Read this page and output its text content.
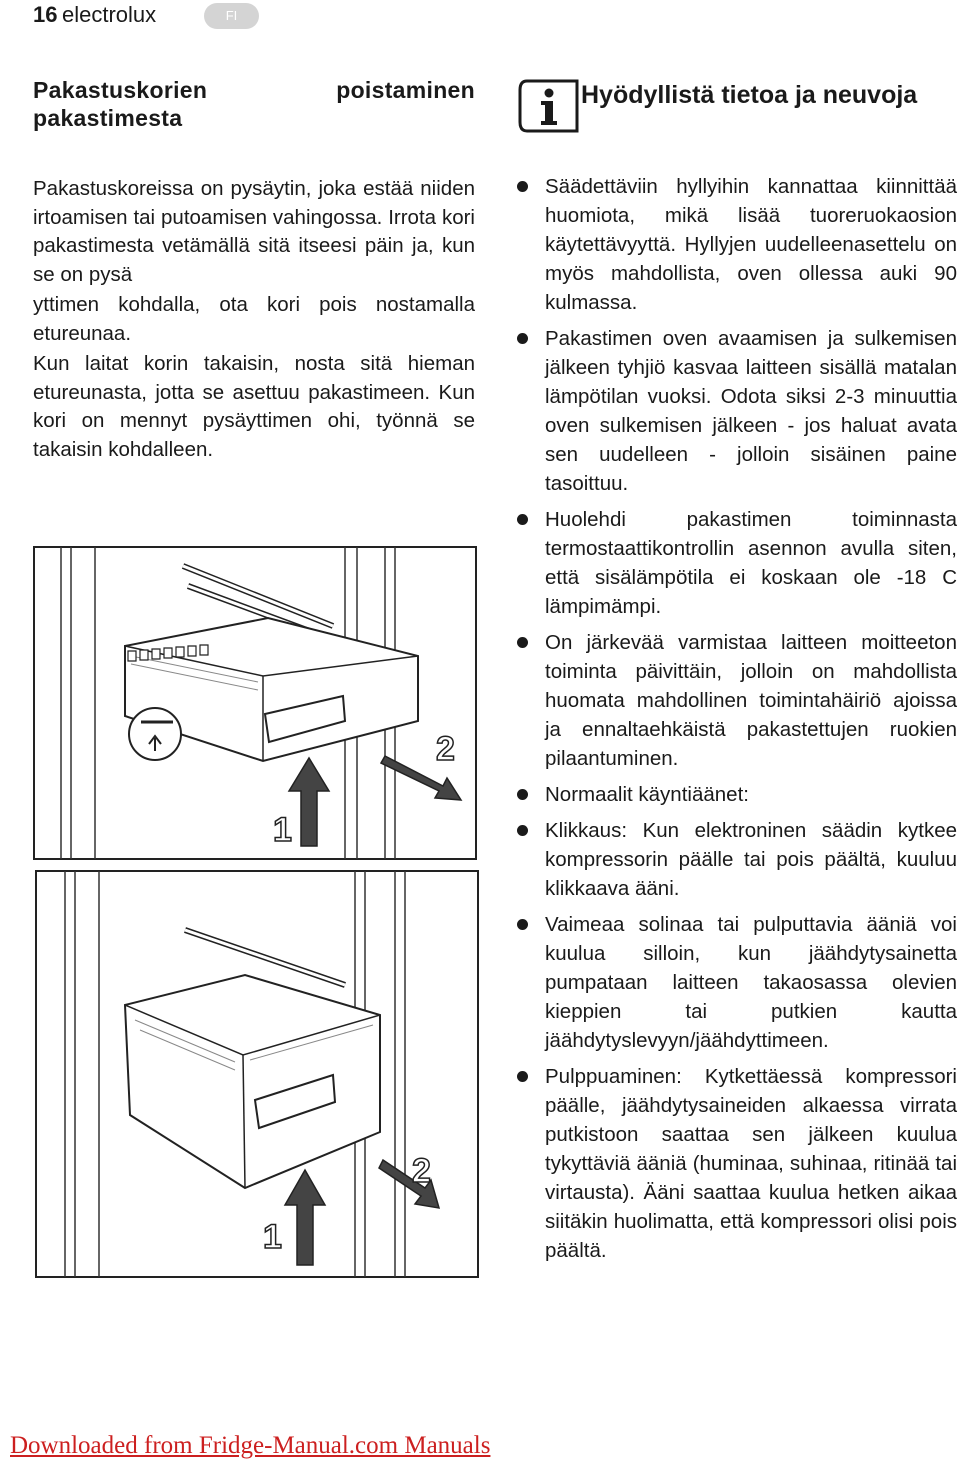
16 electrolux	FI
Pakastuskorien	poistaminen
pakastimesta

Pakastuskoreissa on pysäytin, joka estää niiden irtoamisen tai putoamisen vahingossa. Irrota kori pakastimesta vetämällä sitä itseesi päin ja, kun se on pysä

yttimen kohdalla, ota kori pois nostamalla etureunaa.

Kun laitat korin takaisin, nosta sitä hieman etureunasta, jotta se asettuu pakastimeen. Kun kori on mennyt pysäyttimen ohi, työnnä se takaisin kohdalleen.

1
2
1
2
Hyödyllistä tietoa ja neuvoja
Säädettäviin hyllyihin kannattaa kiinnittää huomiota, mikä lisää tuoreruokaosion käytettävyyttä. Hyllyjen uudelleenasettelu on myös mahdollista, oven ollessa auki 90 kulmassa.
Pakastimen oven avaamisen ja sulkemisen jälkeen tyhjiö kasvaa laitteen sisällä matalan lämpötilan vuoksi. Odota siksi 2-3 minuuttia oven sulkemisen jälkeen - jos haluat avata sen uudelleen - jolloin sisäinen paine tasoittuu.
Huolehdi pakastimen toiminnasta termostaattikontrollin asennon avulla siten, että sisälämpötila ei koskaan ole -18 C lämpimämpi.
On järkevää varmistaa laitteen moitteeton toiminta päivittäin, jolloin on mahdollista huomata mahdollinen toimintahäiriö ajoissa ja ennaltaehkäistä pakastettujen ruokien pilaantuminen.
Normaalit käyntiäänet:
Klikkaus: Kun elektroninen säädin kytkee kompressorin päälle tai pois päältä, kuuluu klikkaava ääni.
Vaimeaa solinaa tai pulputtavia ääniä voi kuulua silloin, kun jäähdytysainetta pumpataan laitteen takaosassa olevien kieppien tai putkien kautta jäähdytyslevyyn/jäähdyttimeen.
Pulppuaminen: Kytkettäessä kompressori päälle, jäähdytysaineiden alkaessa virrata putkistoon saattaa sen jälkeen kuulua tykyttäviä ääniä (huminaa, suhinaa, ritinää tai virtausta). Ääni saattaa kuulua hetken aikaa siitäkin huolimatta, että kompressori olisi pois päältä.
Downloaded from Fridge-Manual.com Manuals
